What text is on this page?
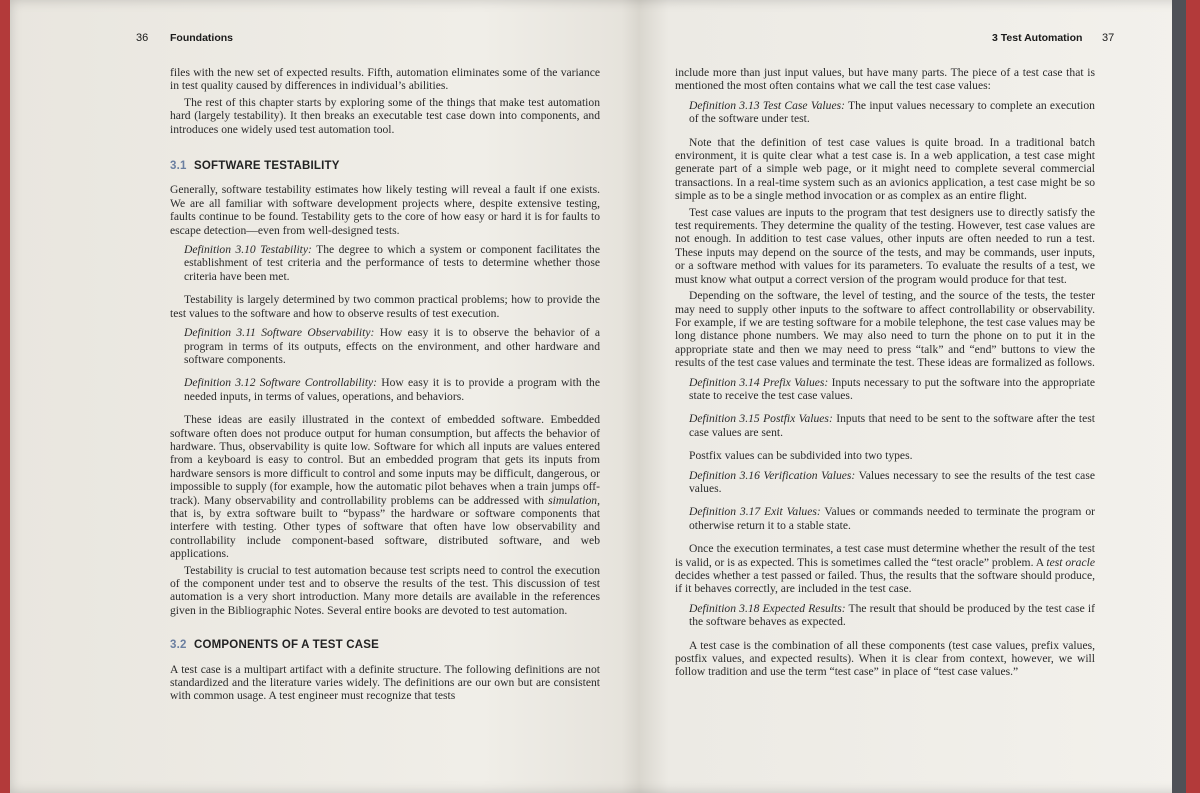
36 Foundations

files with the new set of expected results. Fifth, automation eliminates some of the variance in test quality caused by differences in individual’s abilities.

The rest of this chapter starts by exploring some of the things that make test automation hard (largely testability). It then breaks an executable test case down into components, and introduces one widely used test automation tool.

3.1 SOFTWARE TESTABILITY

Generally, software testability estimates how likely testing will reveal a fault if one exists. We are all familiar with software development projects where, despite extensive testing, faults continue to be found. Testability gets to the core of how easy or hard it is for faults to escape detection—even from well-designed tests.

Definition 3.10 Testability: The degree to which a system or component facilitates the establishment of test criteria and the performance of tests to determine whether those criteria have been met.

Testability is largely determined by two common practical problems; how to provide the test values to the software and how to observe results of test execution.

Definition 3.11 Software Observability: How easy it is to observe the behavior of a program in terms of its outputs, effects on the environment, and other hardware and software components.

Definition 3.12 Software Controllability: How easy it is to provide a program with the needed inputs, in terms of values, operations, and behaviors.

These ideas are easily illustrated in the context of embedded software. Embedded software often does not produce output for human consumption, but affects the behavior of hardware. Thus, observability is quite low. Software for which all inputs are values entered from a keyboard is easy to control. But an embedded program that gets its inputs from hardware sensors is more difficult to control and some inputs may be difficult, dangerous, or impossible to supply (for example, how the automatic pilot behaves when a train jumps off-track). Many observability and controllability problems can be addressed with simulation, that is, by extra software built to “bypass” the hardware or software components that interfere with testing. Other types of software that often have low observability and controllability include component-based software, distributed software, and web applications.

Testability is crucial to test automation because test scripts need to control the execution of the component under test and to observe the results of the test. This discussion of test automation is a very short introduction. Many more details are available in the references given in the Bibliographic Notes. Several entire books are devoted to test automation.

3.2 COMPONENTS OF A TEST CASE

A test case is a multipart artifact with a definite structure. The following definitions are not standardized and the literature varies widely. The definitions are our own but are consistent with common usage. A test engineer must recognize that tests

3 Test Automation 37

include more than just input values, but have many parts. The piece of a test case that is mentioned the most often contains what we call the test case values:

Definition 3.13 Test Case Values: The input values necessary to complete an execution of the software under test.

Note that the definition of test case values is quite broad. In a traditional batch environment, it is quite clear what a test case is. In a web application, a test case might generate part of a simple web page, or it might need to complete several commercial transactions. In a real-time system such as an avionics application, a test case might be so simple as to be a single method invocation or as complex as an entire flight.

Test case values are inputs to the program that test designers use to directly satisfy the test requirements. They determine the quality of the testing. However, test case values are not enough. In addition to test case values, other inputs are often needed to run a test. These inputs may depend on the source of the tests, and may be commands, user inputs, or a software method with values for its parameters. To evaluate the results of a test, we must know what output a correct version of the program would produce for that test.

Depending on the software, the level of testing, and the source of the tests, the tester may need to supply other inputs to the software to affect controllability or observability. For example, if we are testing software for a mobile telephone, the test case values may be long distance phone numbers. We may also need to turn the phone on to put it in the appropriate state and then we may need to press “talk” and “end” buttons to view the results of the test case values and terminate the test. These ideas are formalized as follows.

Definition 3.14 Prefix Values: Inputs necessary to put the software into the appropriate state to receive the test case values.

Definition 3.15 Postfix Values: Inputs that need to be sent to the software after the test case values are sent.

Postfix values can be subdivided into two types.

Definition 3.16 Verification Values: Values necessary to see the results of the test case values.

Definition 3.17 Exit Values: Values or commands needed to terminate the program or otherwise return it to a stable state.

Once the execution terminates, a test case must determine whether the result of the test is valid, or is as expected. This is sometimes called the “test oracle” problem. A test oracle decides whether a test passed or failed. Thus, the results that the software should produce, if it behaves correctly, are included in the test case.

Definition 3.18 Expected Results: The result that should be produced by the test case if the software behaves as expected.

A test case is the combination of all these components (test case values, prefix values, postfix values, and expected results). When it is clear from context, however, we will follow tradition and use the term “test case” in place of “test case values.”
